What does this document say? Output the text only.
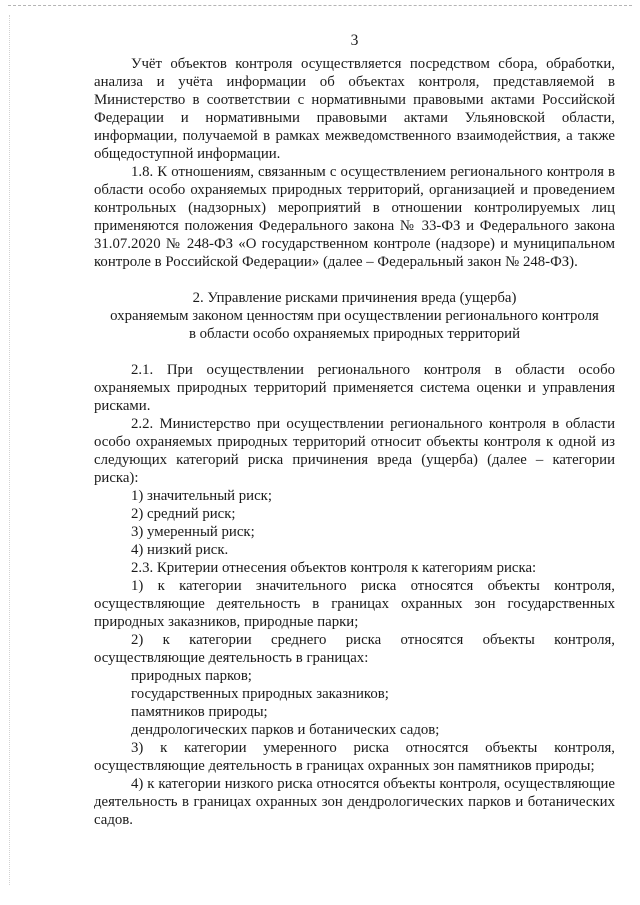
3

Учёт объектов контроля осуществляется посредством сбора, обработки, анализа и учёта информации об объектах контроля, представляемой в Министерство в соответствии с нормативными правовыми актами Российской Федерации и нормативными правовыми актами Ульяновской области, информации, получаемой в рамках межведомственного взаимодействия, а также общедоступной информации.

1.8. К отношениям, связанным с осуществлением регионального контроля в области особо охраняемых природных территорий, организацией и проведением контрольных (надзорных) мероприятий в отношении контролируемых лиц применяются положения Федерального закона № 33-ФЗ и Федерального закона 31.07.2020 № 248-ФЗ «О государственном контроле (надзоре) и муниципальном контроле в Российской Федерации» (далее – Федеральный закон № 248-ФЗ).

2. Управление рисками причинения вреда (ущерба)

охраняемым законом ценностям при осуществлении регионального контроля

в области особо охраняемых природных территорий

2.1. При осуществлении регионального контроля в области особо охраняемых природных территорий применяется система оценки и управления рисками.

2.2. Министерство при осуществлении регионального контроля в области особо охраняемых природных территорий относит объекты контроля к одной из следующих категорий риска причинения вреда (ущерба) (далее – категории риска):

1) значительный риск;

2) средний риск;

3) умеренный риск;

4) низкий риск.

2.3. Критерии отнесения объектов контроля к категориям риска:

1) к категории значительного риска относятся объекты контроля, осуществляющие деятельность в границах охранных зон государственных природных заказников, природные парки;

2) к категории среднего риска относятся объекты контроля, осуществляющие деятельность в границах:

природных парков;

государственных природных заказников;

памятников природы;

дендрологических парков и ботанических садов;

3) к категории умеренного риска относятся объекты контроля, осуществляющие деятельность в границах охранных зон памятников природы;

4) к категории низкого риска относятся объекты контроля, осуществляющие деятельность в границах охранных зон дендрологических парков и ботанических садов.
